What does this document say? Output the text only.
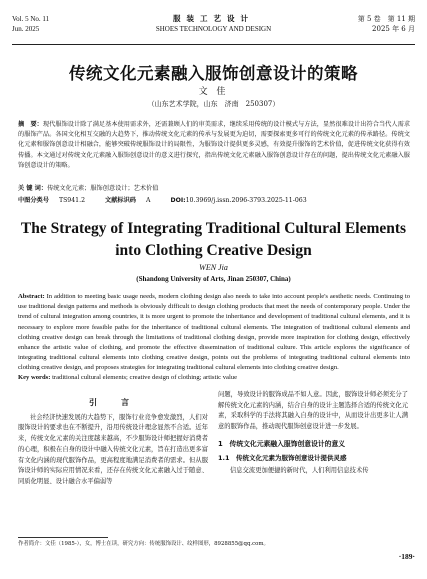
Vol. 5 No. 11
Jun. 2025
服装工艺设计
SHOES TECHNOLOGY AND DESIGN
第 5 卷　第 11 期
2025 年 6 月
传统文化元素融入服饰创意设计的策略
文 佳
（山东艺术学院，山东　济南　250307）
摘　要：现代服饰设计除了满足基本使用需求外，还需兼顾人们的审美需求，继续采用传统的设计模式与方法，显然很难设计出符合当代人需求的服饰产品。各国文化相互交融的大趋势下，推动传统文化元素的传承与发展更为迫切，需要探索更多可行的传统文化元素的传承路径。传统文化元素和服饰创意设计相融合，能够突破传统服饰设计的局限性，为服饰设计提供更多灵感，有效提升服饰的艺术价值，促进传统文化获得有效传播。本文通过对传统文化元素融入服饰创意设计的意义进行探究，指出传统文化元素融入服饰创意设计存在的问题，提出传统文化元素融入服饰创意设计的策略。
关 键 词：传统文化元素；服饰创意设计；艺术价值
中图分类号 TS941.2	文献标识码 A	DOI:10.3969/j.issn.2096-3793.2025-11-063
The Strategy of Integrating Traditional Cultural Elements into Clothing Creative Design
WEN Jia
(Shandong University of Arts, Jinan 250307, China)
Abstract: In addition to meeting basic usage needs, modern clothing design also needs to take into account people's aesthetic needs. Continuing to use traditional design patterns and methods is obviously difficult to design clothing products that meet the needs of contemporary people. Under the trend of cultural integration among countries, it is more urgent to promote the inheritance and development of traditional cultural elements, and it is necessary to explore more feasible paths for the inheritance of traditional cultural elements. The integration of traditional cultural elements and clothing creative design can break through the limitations of traditional clothing design, provide more inspiration for clothing design, effectively enhance the artistic value of clothing, and promote the effective dissemination of traditional culture. This article explores the significance of integrating traditional cultural elements into clothing creative design, points out the problems of integrating traditional cultural elements into clothing creative design, and proposes strategies for integrating traditional cultural elements into clothing creative design.
Key words: traditional cultural elements; creative design of clothing; artistic value
引　言

社会经济快速发展的大趋势下，服饰行业竞争愈发激烈，人们对服饰设计的要求也在不断提升，沿用传统设计理念显然不合适。近年来，传统文化元素的关注度越来越高，不少服饰设计师把握好消费者的心理，积极在自身的设计中融入传统文化元素，旨在打造出更多富有文化内涵的现代服饰作品，更高程度地满足消费者的需求。但从服饰设计师的实际应用情况来看，还存在传统文化元素融入过于随意、同质化明显、设计融合水平偏弱等

问题，导致设计的服饰成品不如人意。因此，服饰设计师必须充分了解传统文化元素的内涵，结合自身的设计主题选择合适的传统文化元素，采取科学的手法将其融入自身的设计中，从而设计出更多让人满意的服饰作品，推动现代服饰创意设计进一步发展。

1　传统文化元素融入服饰创意设计的意义
1.1　传统文化元素为服饰创意设计提供灵感

信息交流更加便捷的新时代，人们利用信息技术传

作者简介：文佳（1985-），女，博士在读，研究方向：传统服饰设计、纹样图形，8928855@qq.com。
·189·
